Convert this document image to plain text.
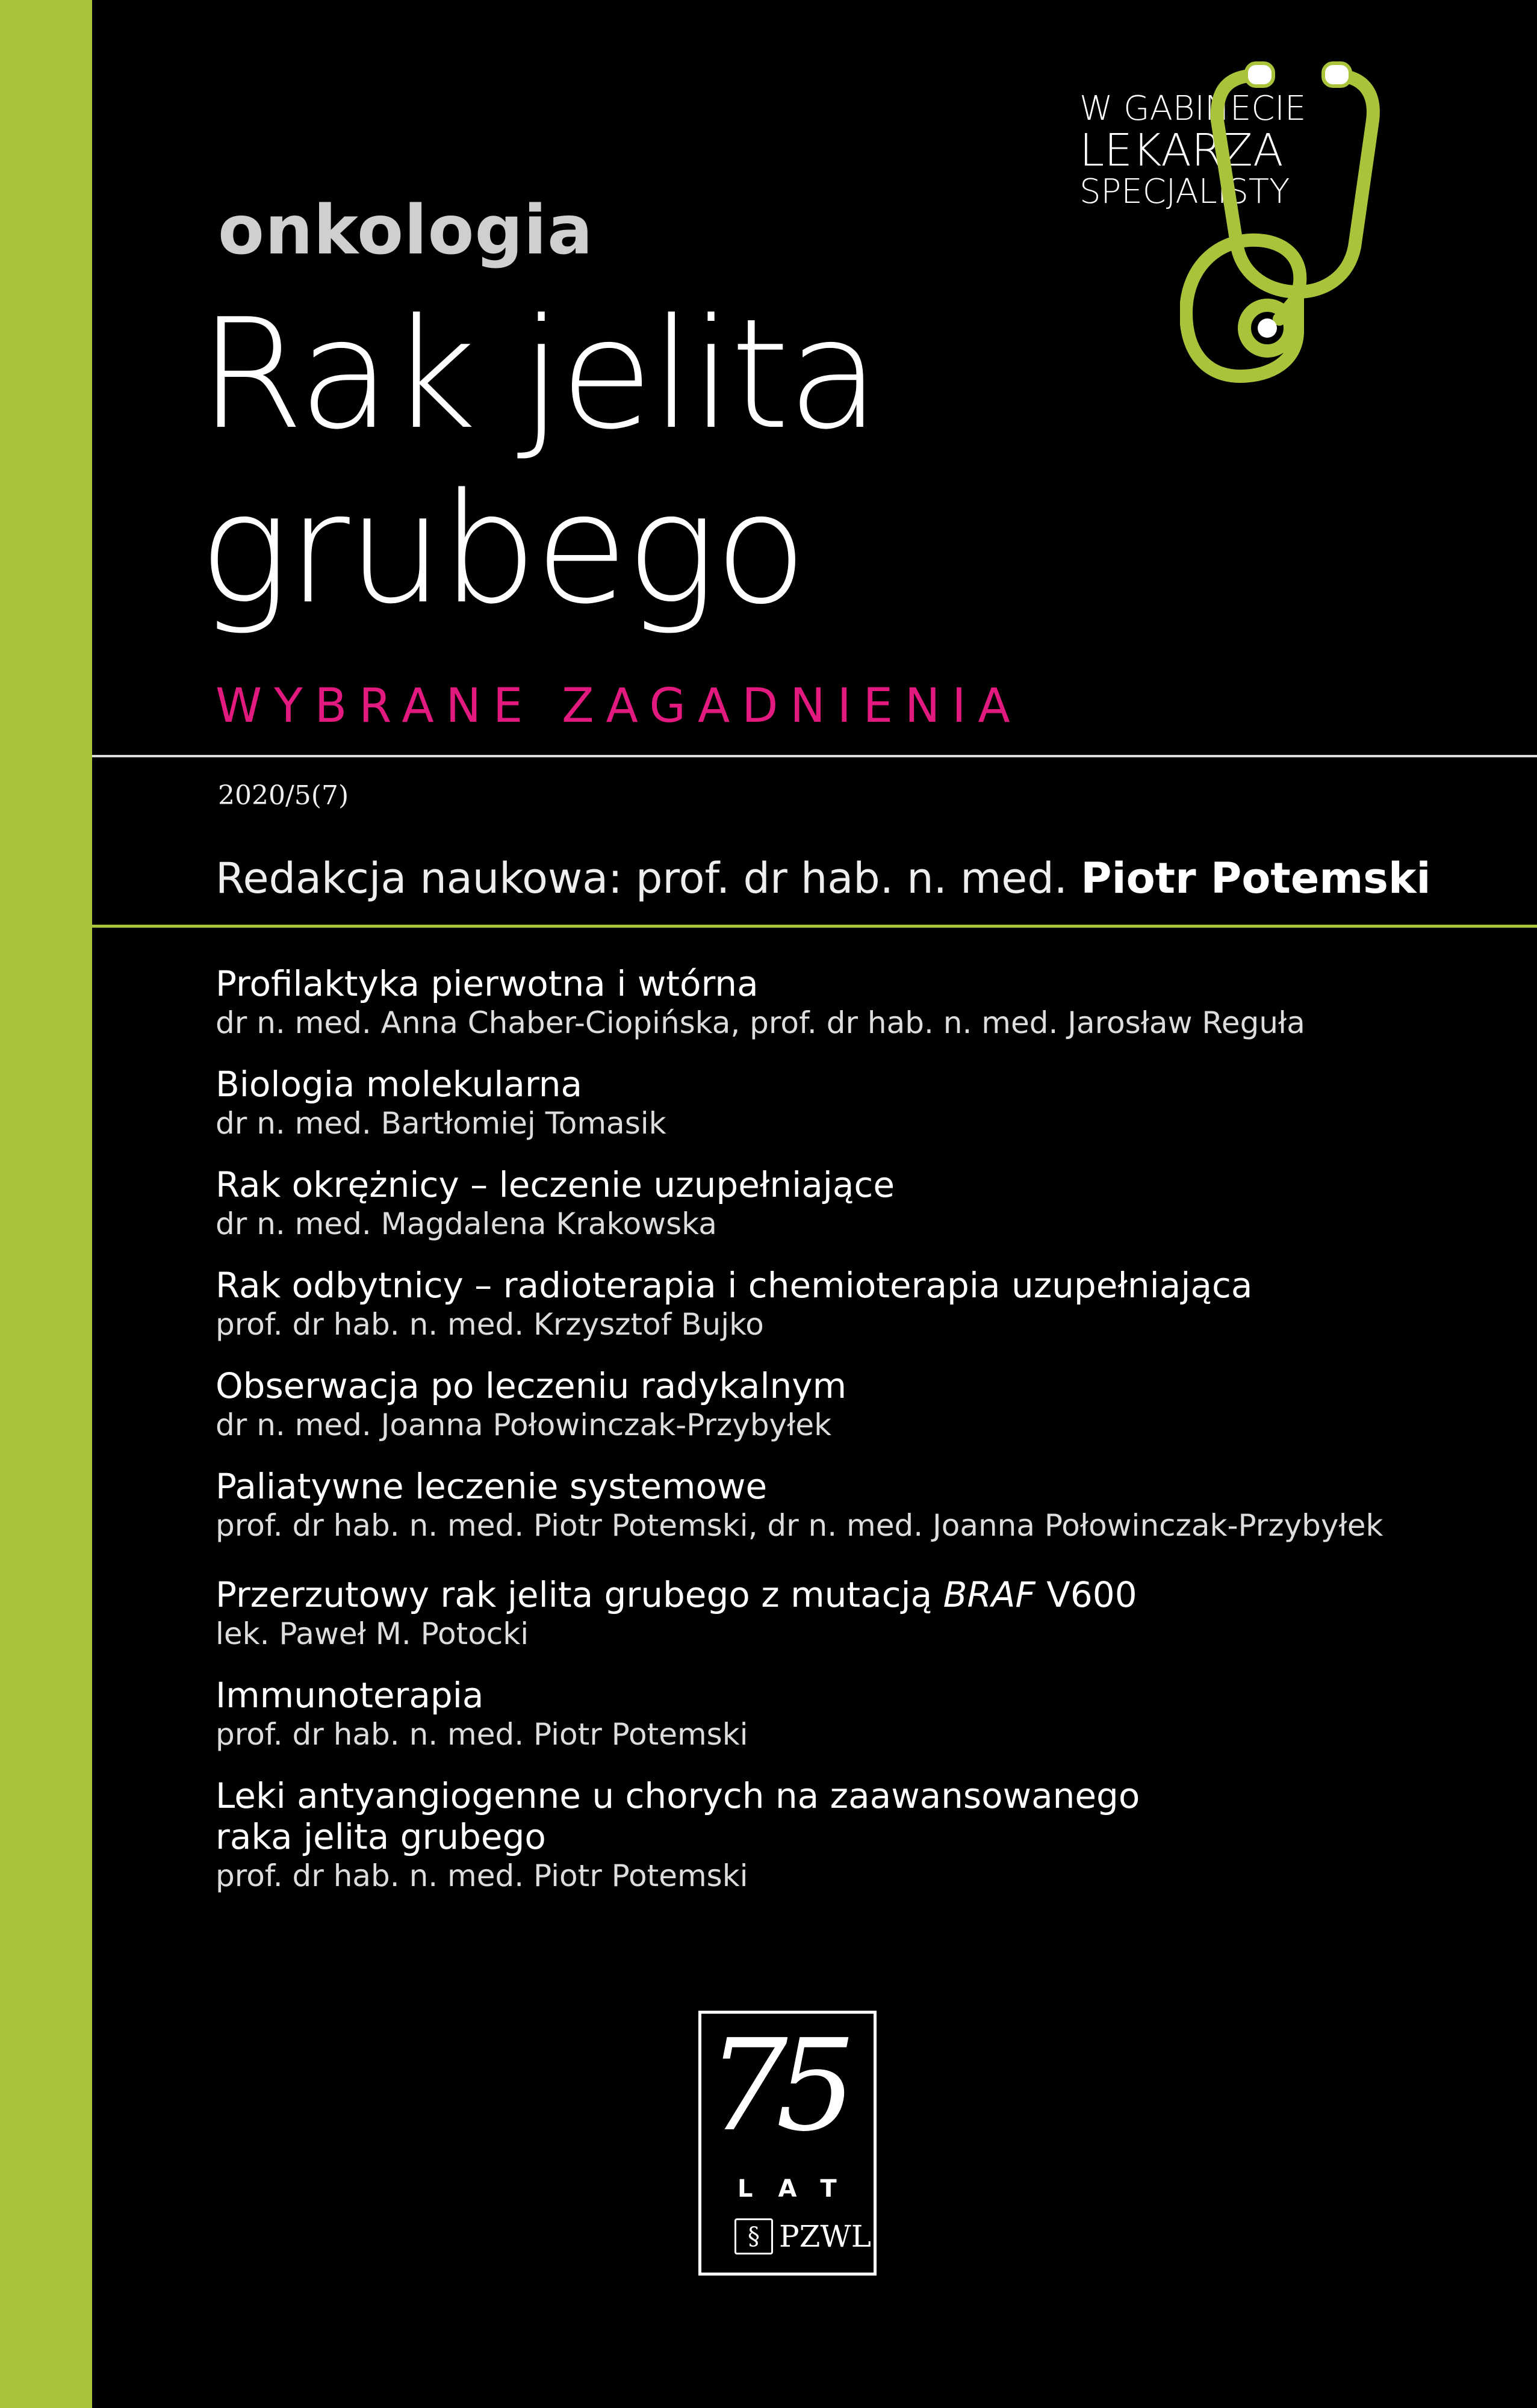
W GABINECIE
LEKARZA
SPECJALISTY
onkologia
Rak jelita
grubego
WYBRANE ZAGADNIENIA
2020/5(7)
Redakcja naukowa: prof. dr hab. n. med. Piotr Potemski
Profilaktyka pierwotna i wtórna
dr n. med. Anna Chaber-Ciopińska, prof. dr hab. n. med. Jarosław Reguła
Biologia molekularna
dr n. med. Bartłomiej Tomasik
Rak okrężnicy – leczenie uzupełniające
dr n. med. Magdalena Krakowska
Rak odbytnicy – radioterapia i chemioterapia uzupełniająca
prof. dr hab. n. med. Krzysztof Bujko
Obserwacja po leczeniu radykalnym
dr n. med. Joanna Połowinczak-Przybyłek
Paliatywne leczenie systemowe
prof. dr hab. n. med. Piotr Potemski, dr n. med. Joanna Połowinczak-Przybyłek
Przerzutowy rak jelita grubego z mutacją BRAF V600
lek. Paweł M. Potocki
Immunoterapia
prof. dr hab. n. med. Piotr Potemski
Leki antyangiogenne u chorych na zaawansowanego
raka jelita grubego
prof. dr hab. n. med. Piotr Potemski
75
LAT
§ PZWL
